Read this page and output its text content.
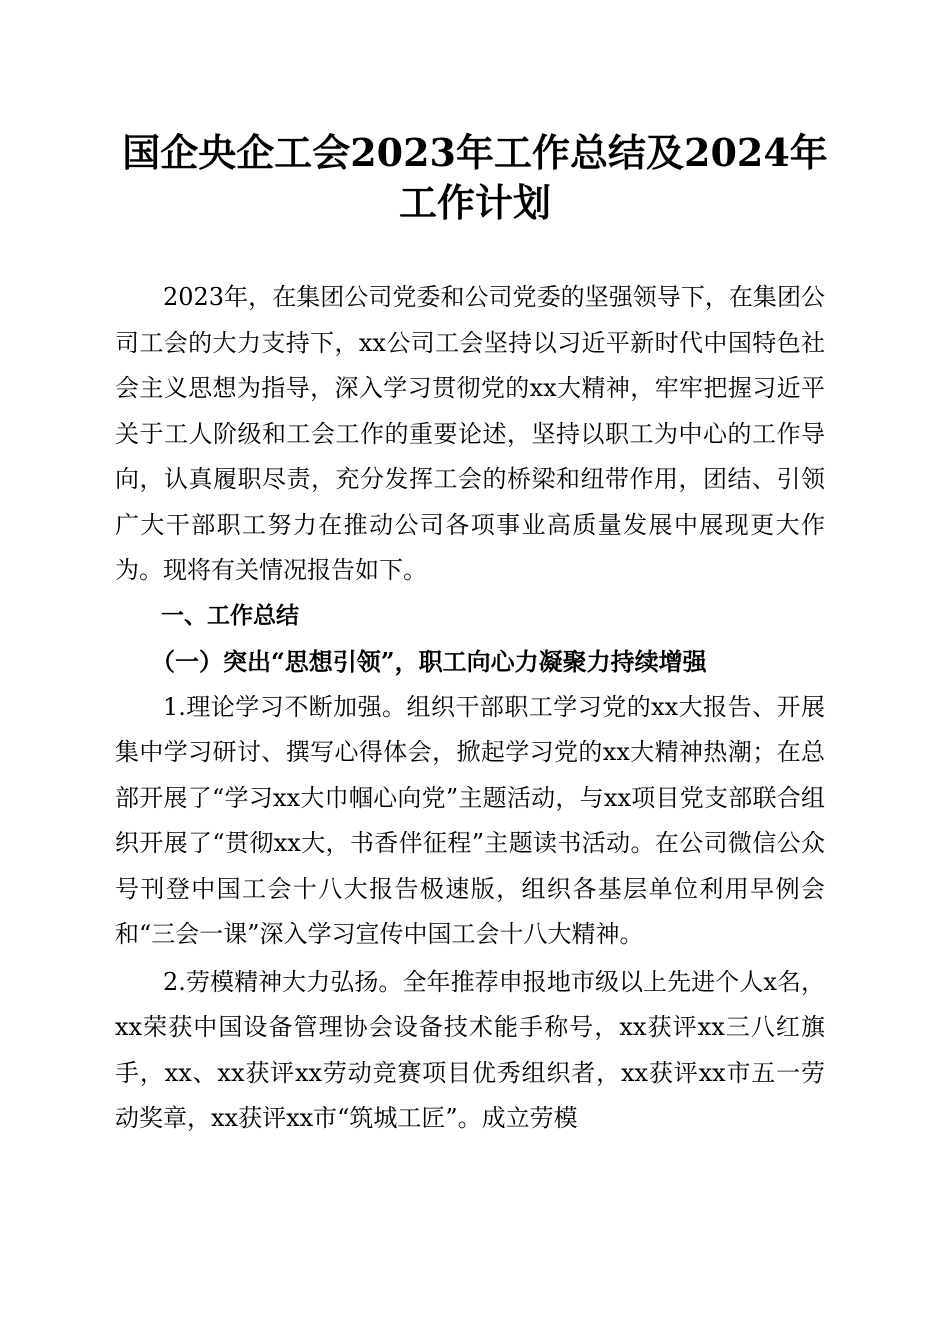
国企央企工会2023年工作总结及2024年工作计划

2023年，在集团公司党委和公司党委的坚强领导下，在集团公司工会的大力支持下，xx公司工会坚持以习近平新时代中国特色社会主义思想为指导，深入学习贯彻党的xx大精神，牢牢把握习近平关于工人阶级和工会工作的重要论述，坚持以职工为中心的工作导向，认真履职尽责，充分发挥工会的桥梁和纽带作用，团结、引领广大干部职工努力在推动公司各项事业高质量发展中展现更大作为。现将有关情况报告如下。

一、工作总结

（一）突出“思想引领”，职工向心力凝聚力持续增强

1.理论学习不断加强。组织干部职工学习党的xx大报告、开展集中学习研讨、撰写心得体会，掀起学习党的xx大精神热潮；在总部开展了“学习xx大巾帼心向党”主题活动，与xx项目党支部联合组织开展了“贯彻xx大，书香伴征程”主题读书活动。在公司微信公众号刊登中国工会十八大报告极速版，组织各基层单位利用早例会和“三会一课”深入学习宣传中国工会十八大精神。

2.劳模精神大力弘扬。全年推荐申报地市级以上先进个人x名，xx荣获中国设备管理协会设备技术能手称号，xx获评xx三八红旗手，xx、xx获评xx劳动竞赛项目优秀组织者，xx获评xx市五一劳动奖章，xx获评xx市“筑城工匠”。成立劳模
